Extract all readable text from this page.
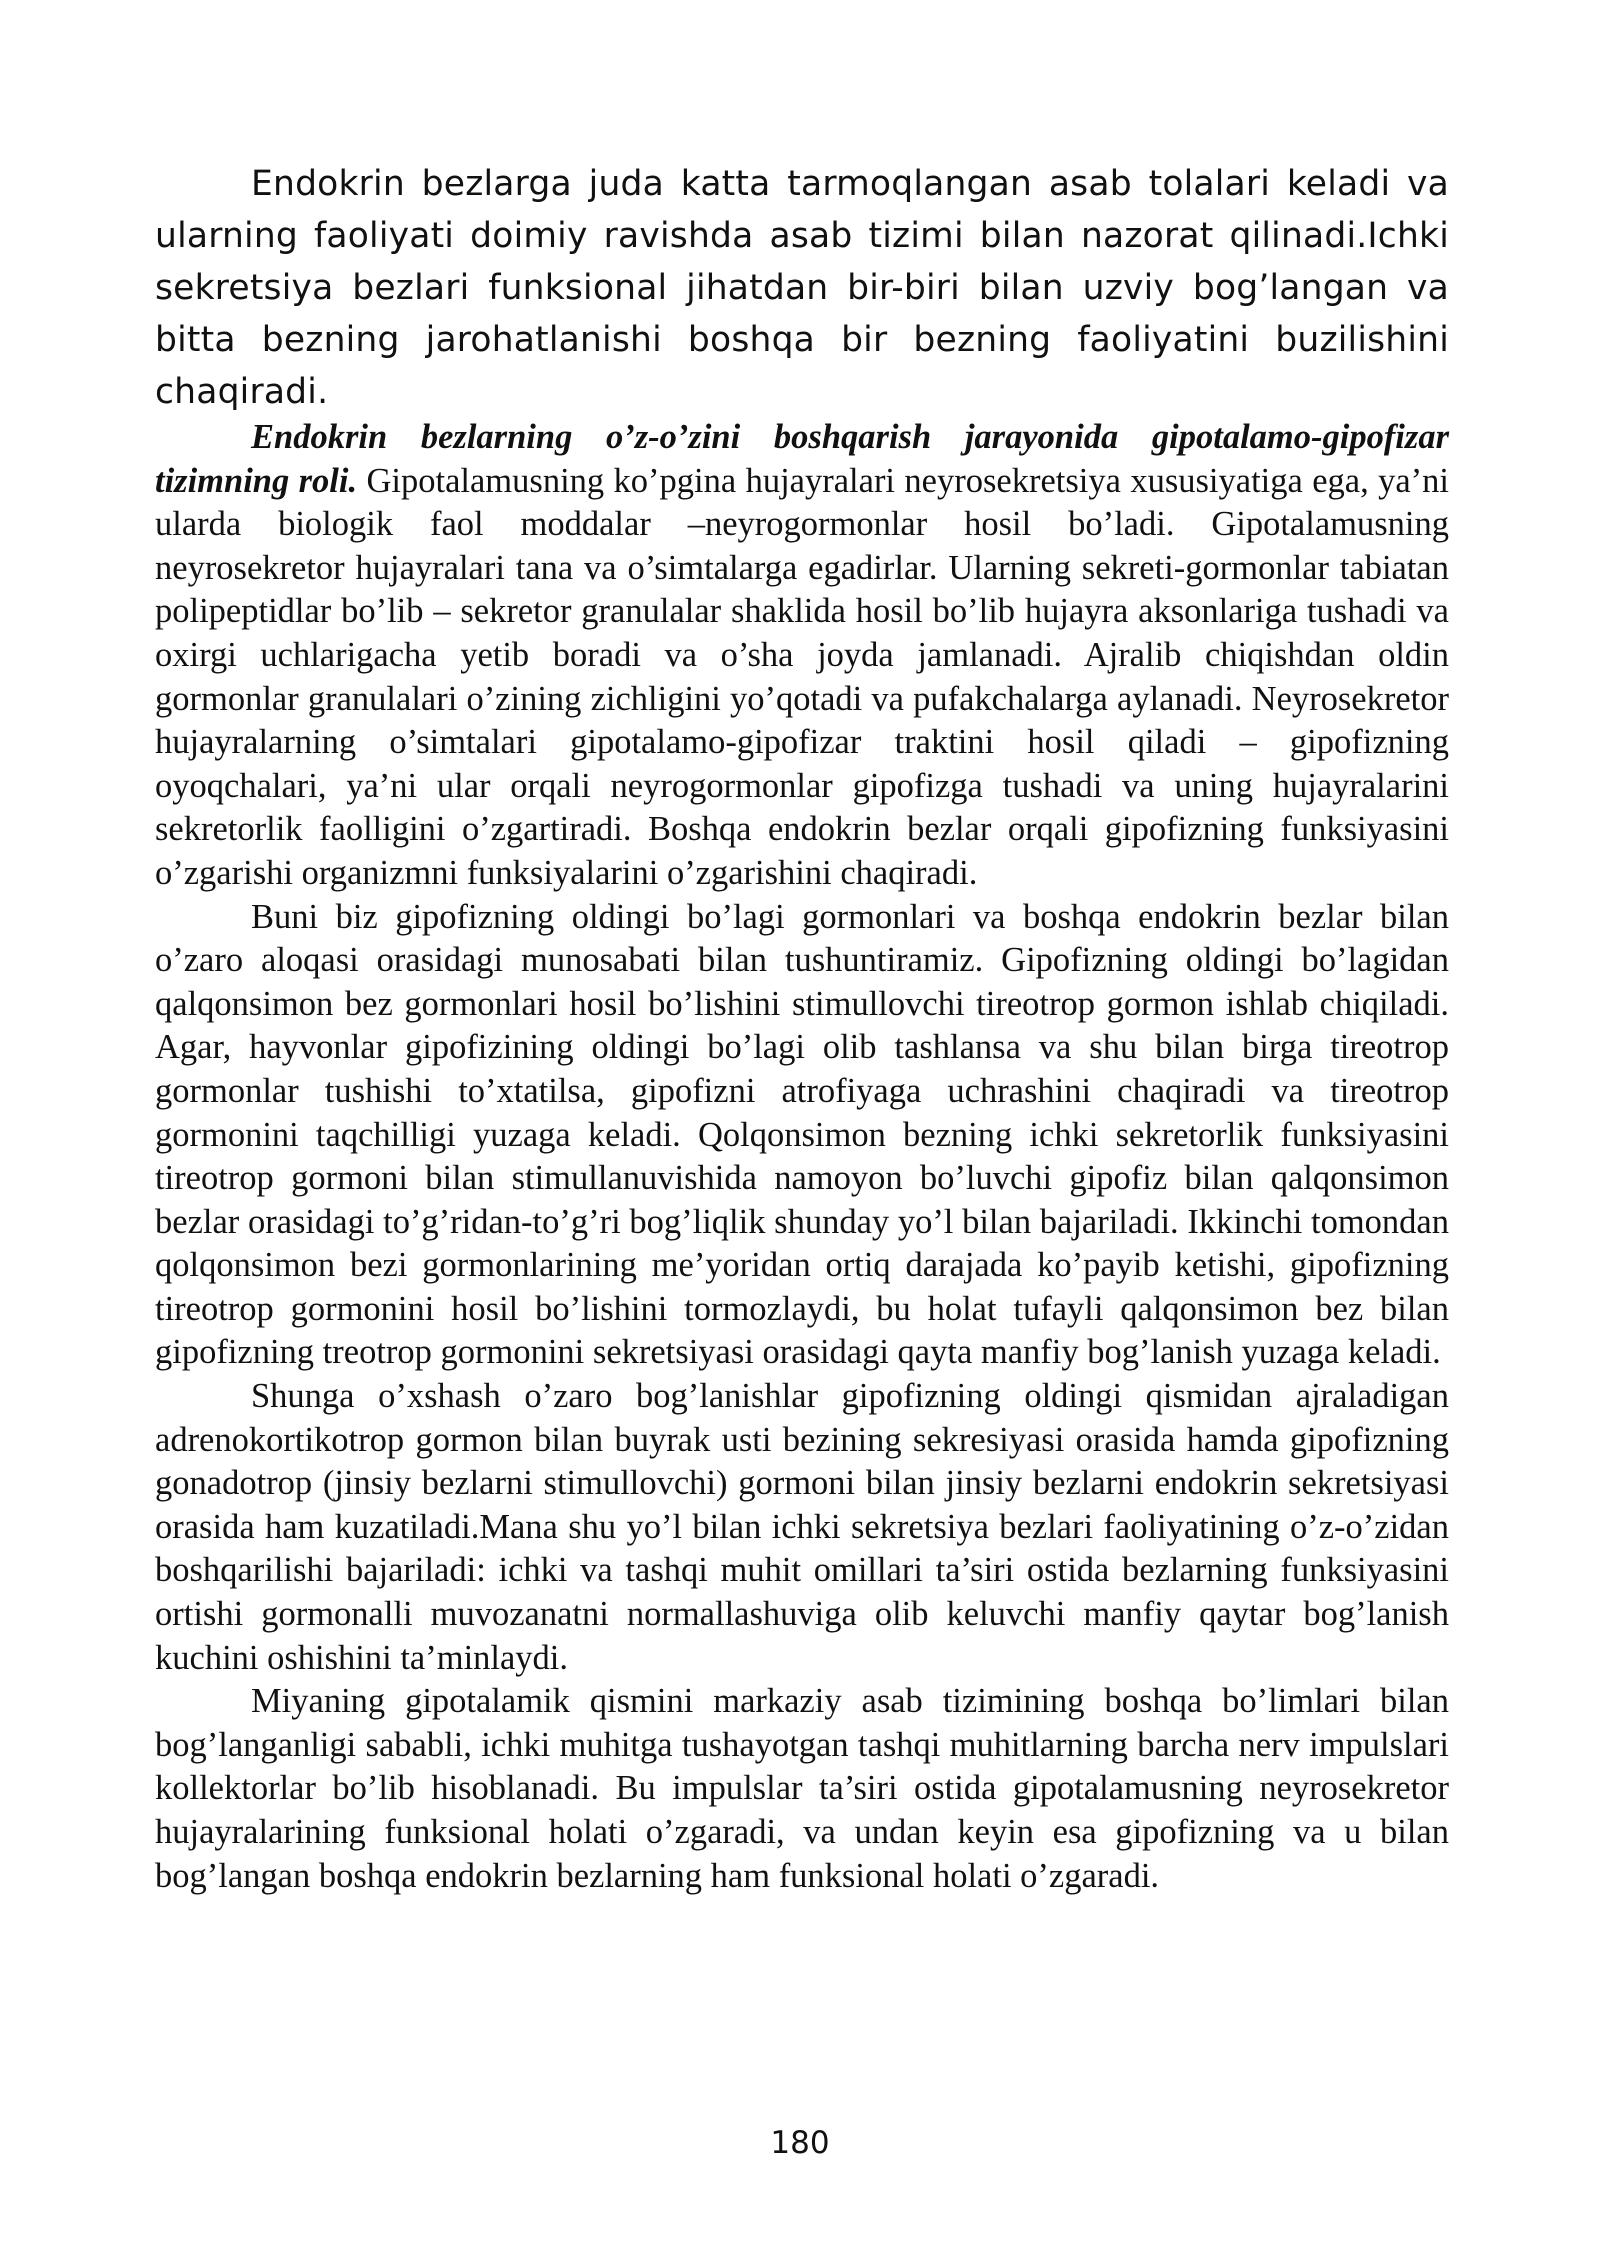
Endokrin bezlarga juda katta tarmoqlangan asab tolalari keladi va ularning faoliyati doimiy ravishda asab tizimi bilan nazorat qilinadi.Ichki sekretsiya bezlari funksional jihatdan bir-biri bilan uzviy bog’langan va bitta bezning jarohatlanishi boshqa bir bezning faoliyatini buzilishini chaqiradi.

Endokrin bezlarning o’z-o’zini boshqarish jarayonida gipotalamo-gipofizar tizimning roli. Gipotalamusning ko’pgina hujayralari neyrosekretsiya xususiyatiga ega, ya’ni ularda biologik faol moddalar –neyrogormonlar hosil bo’ladi. Gipotalamusning neyrosekretor hujayralari tana va o’simtalarga egadirlar. Ularning sekreti-gormonlar tabiatan polipeptidlar bo’lib – sekretor granulalar shaklida hosil bo’lib hujayra aksonlariga tushadi va oxirgi uchlarigacha yetib boradi va o’sha joyda jamlanadi. Ajralib chiqishdan oldin gormonlar granulalari o’zining zichligini yo’qotadi va pufakchalarga aylanadi. Neyrosekretor hujayralarning o’simtalari gipotalamo-gipofizar traktini hosil qiladi – gipofizning oyoqchalari, ya’ni ular orqali neyrogormonlar gipofizga tushadi va uning hujayralarini sekretorlik faolligini o’zgartiradi. Boshqa endokrin bezlar orqali gipofizning funksiyasini o’zgarishi organizmni funksiyalarini o’zgarishini chaqiradi.

Buni biz gipofizning oldingi bo’lagi gormonlari va boshqa endokrin bezlar bilan o’zaro aloqasi orasidagi munosabati bilan tushuntiramiz. Gipofizning oldingi bo’lagidan qalqonsimon bez gormonlari hosil bo’lishini stimullovchi tireotrop gormon ishlab chiqiladi. Agar, hayvonlar gipofizining oldingi bo’lagi olib tashlansa va shu bilan birga tireotrop gormonlar tushishi to’xtatilsa, gipofizni atrofiyaga uchrashini chaqiradi va tireotrop gormonini taqchilligi yuzaga keladi. Qolqonsimon bezning ichki sekretorlik funksiyasini tireotrop gormoni bilan stimullanuvishida namoyon bo’luvchi gipofiz bilan qalqonsimon bezlar orasidagi to’g’ridan-to’g’ri bog’liqlik shunday yo’l bilan bajariladi. Ikkinchi tomondan qolqonsimon bezi gormonlarining me’yoridan ortiq darajada ko’payib ketishi, gipofizning tireotrop gormonini hosil bo’lishini tormozlaydi, bu holat tufayli qalqonsimon bez bilan gipofizning treotrop gormonini sekretsiyasi orasidagi qayta manfiy bog’lanish yuzaga keladi.

Shunga o’xshash o’zaro bog’lanishlar gipofizning oldingi qismidan ajraladigan adrenokortikotrop gormon bilan buyrak usti bezining sekresiyasi orasida hamda gipofizning gonadotrop (jinsiy bezlarni stimullovchi) gormoni bilan jinsiy bezlarni endokrin sekretsiyasi orasida ham kuzatiladi.Mana shu yo’l bilan ichki sekretsiya bezlari faoliyatining o’z-o’zidan boshqarilishi bajariladi: ichki va tashqi muhit omillari ta’siri ostida bezlarning funksiyasini ortishi gormonalli muvozanatni normallashuviga olib keluvchi manfiy qaytar bog’lanish kuchini oshishini ta’minlaydi.

Miyaning gipotalamik qismini markaziy asab tizimining boshqa bo’limlari bilan bog’langanligi sababli, ichki muhitga tushayotgan tashqi muhitlarning barcha nerv impulslari kollektorlar bo’lib hisoblanadi. Bu impulslar ta’siri ostida gipotalamusning neyrosekretor hujayralarining funksional holati o’zgaradi, va undan keyin esa gipofizning va u bilan bog’langan boshqa endokrin bezlarning ham funksional holati o’zgaradi.

180
